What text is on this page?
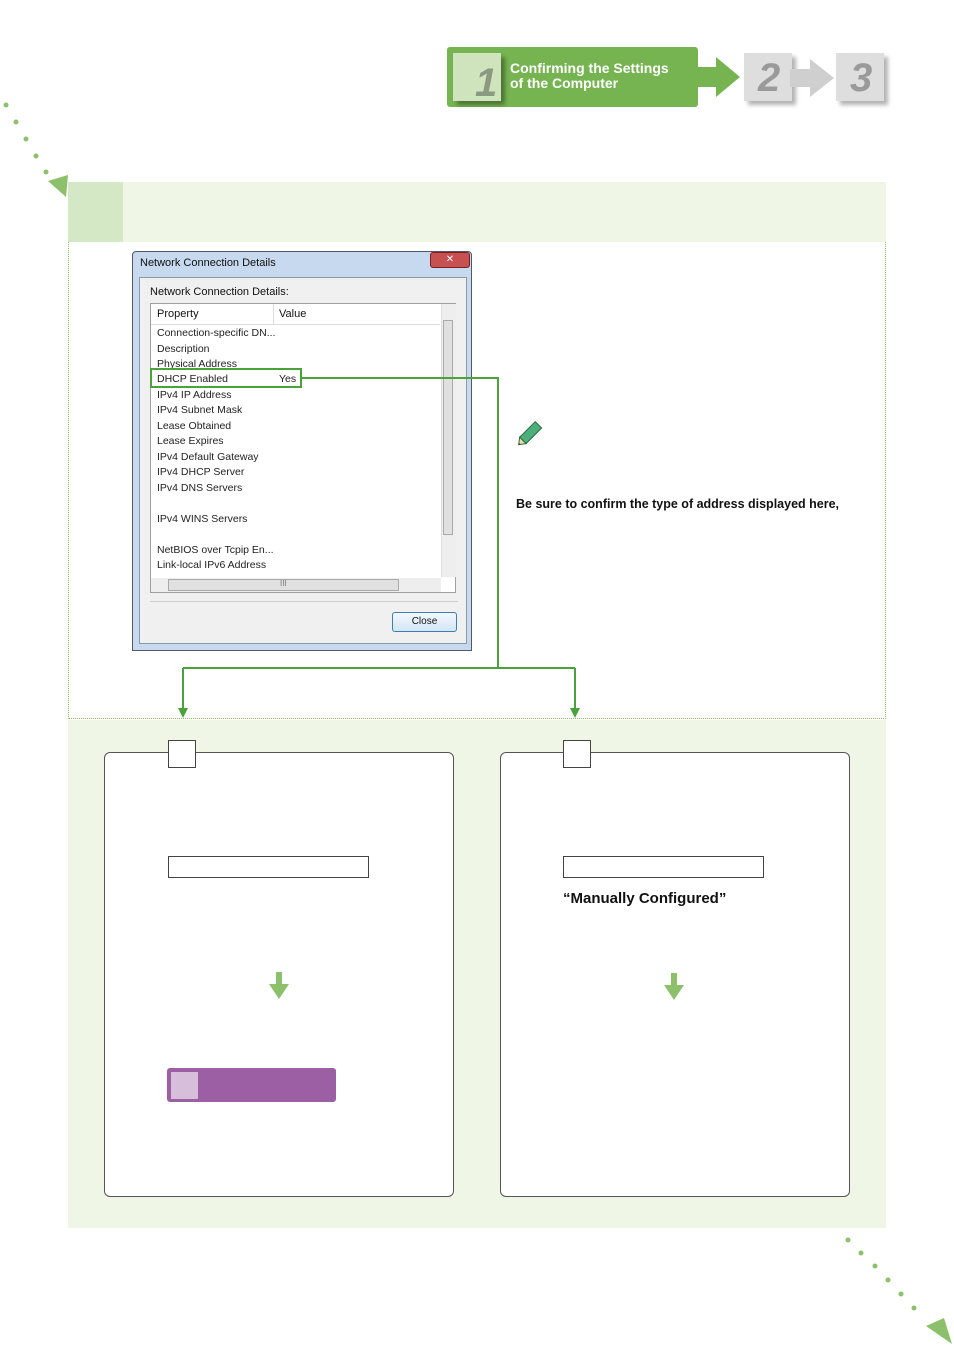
1 Confirming the Settings
of the Computer	2 3
Network Connection Details	✕
Network Connection Details:
Property	Value
Connection-specific DN...
Description
Physical Address
DHCP Enabled	Yes
IPv4 IP Address
IPv4 Subnet Mask
Lease Obtained
Lease Expires
IPv4 Default Gateway
IPv4 DHCP Server
IPv4 DNS Servers
IPv4 WINS Servers
NetBIOS over Tcpip En...
Link-local IPv6 Address
III
Close
Be sure to confirm the type of address displayed here,
“Manually Configured”
